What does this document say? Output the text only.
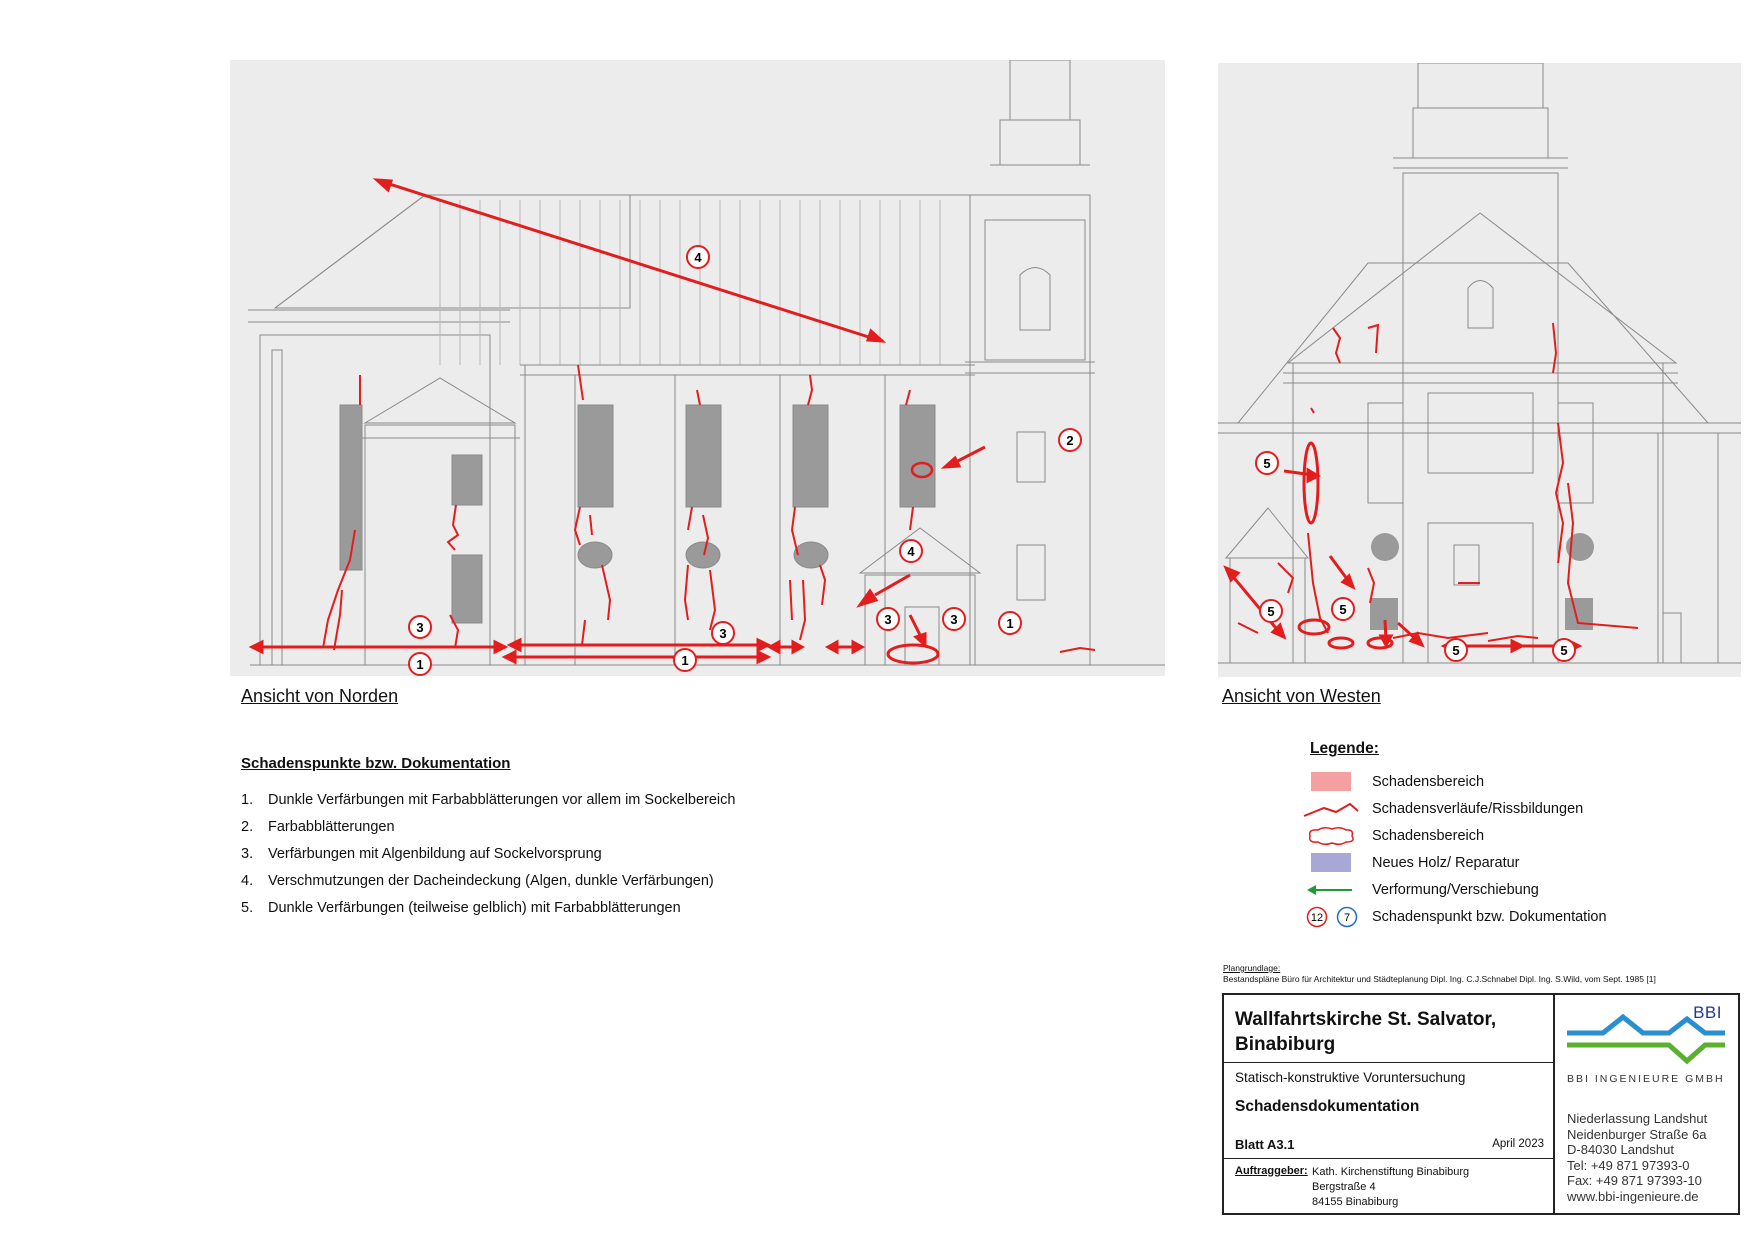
4
2
4
3
1
3
1
3	3	1
Ansicht von Norden
5
5	5
5	5
Ansicht von Westen
Schadenspunkte bzw. Dokumentation
1.	Dunkle Verfärbungen mit Farbabblätterungen vor allem im Sockelbereich
2.	Farbabblätterungen
3.	Verfärbungen mit Algenbildung auf Sockelvorsprung
4.	Verschmutzungen der Dacheindeckung (Algen, dunkle Verfärbungen)
5.	Dunkle Verfärbungen (teilweise gelblich) mit Farbabblätterungen
Legende:
Schadensbereich
Schadensverläufe/Rissbildungen
Schadensbereich
Neues Holz/ Reparatur
Verformung/Verschiebung
12 7 Schadenspunkt bzw. Dokumentation
Plangrundlage:
Bestandspläne Büro für Architektur und Städteplanung Dipl. Ing. C.J.Schnabel Dipl. Ing. S.Wild, vom Sept. 1985 [1]
Wallfahrtskirche St. Salvator,
Binabiburg
Statisch-konstruktive Voruntersuchung
Schadensdokumentation
Blatt A3.1	April 2023
Auftraggeber: Kath. Kirchenstiftung Binabiburg
Bergstraße 4
84155 Binabiburg
BBI
BBI INGENIEURE GMBH
Niederlassung Landshut
Neidenburger Straße 6a
D-84030 Landshut
Tel: +49 871 97393-0
Fax: +49 871 97393-10
www.bbi-ingenieure.de
